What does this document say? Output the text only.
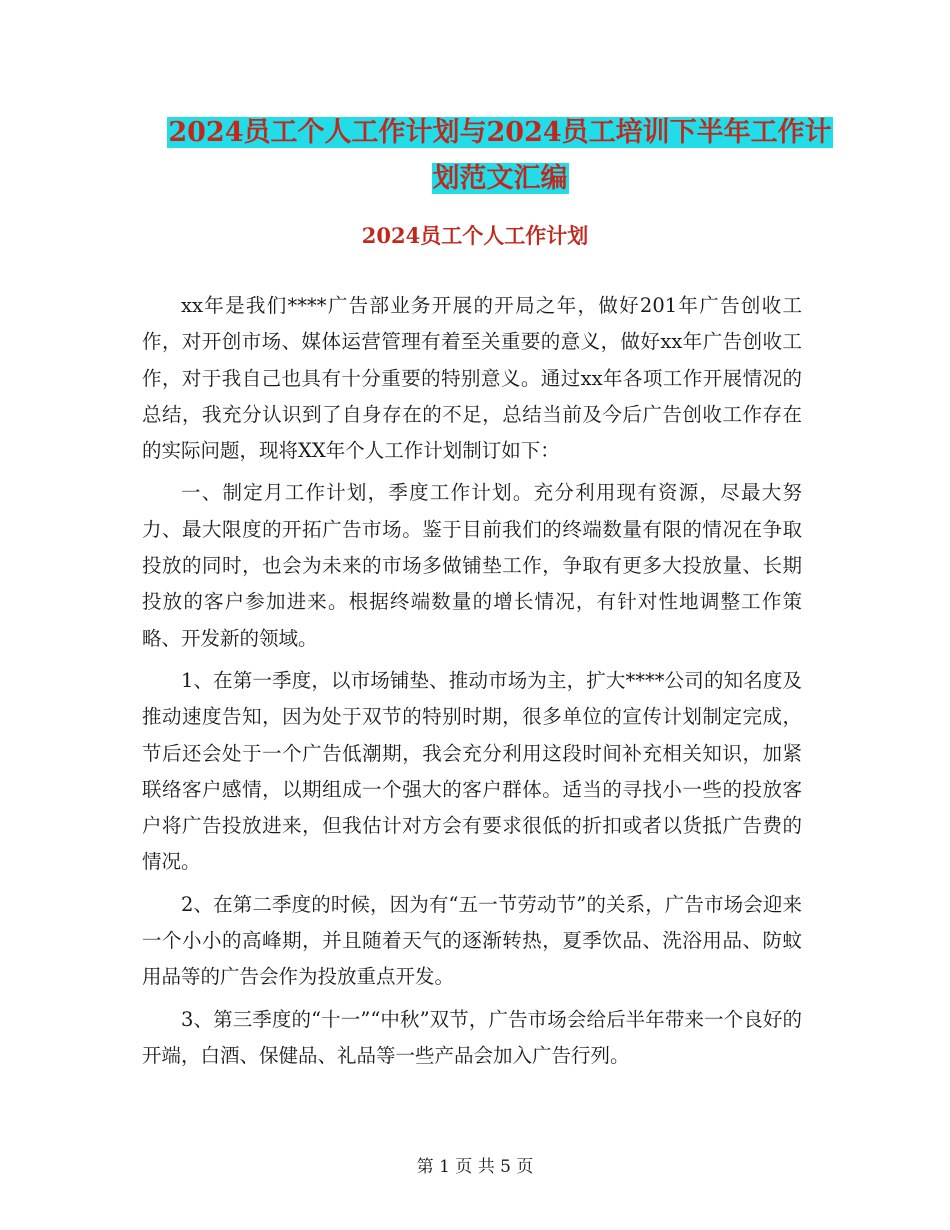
2024员工个人工作计划与2024员工培训下半年工作计
划范文汇编
2024员工个人工作计划

xx年是我们****广告部业务开展的开局之年，做好201年广告创收工作，对开创市场、媒体运营管理有着至关重要的意义，做好xx年广告创收工作，对于我自己也具有十分重要的特别意义。通过xx年各项工作开展情况的总结，我充分认识到了自身存在的不足，总结当前及今后广告创收工作存在的实际问题，现将XX年个人工作计划制订如下：

一、制定月工作计划，季度工作计划。充分利用现有资源，尽最大努力、最大限度的开拓广告市场。鉴于目前我们的终端数量有限的情况在争取投放的同时，也会为未来的市场多做铺垫工作，争取有更多大投放量、长期投放的客户参加进来。根据终端数量的增长情况，有针对性地调整工作策略、开发新的领域。

1、在第一季度，以市场铺垫、推动市场为主，扩大****公司的知名度及推动速度告知，因为处于双节的特别时期，很多单位的宣传计划制定完成，节后还会处于一个广告低潮期，我会充分利用这段时间补充相关知识，加紧联络客户感情，以期组成一个强大的客户群体。适当的寻找小一些的投放客户将广告投放进来，但我估计对方会有要求很低的折扣或者以货抵广告费的情况。

2、在第二季度的时候，因为有“五一节劳动节”的关系，广告市场会迎来一个小小的高峰期，并且随着天气的逐渐转热，夏季饮品、洗浴用品、防蚊用品等的广告会作为投放重点开发。

3、第三季度的“十一”“中秋”双节，广告市场会给后半年带来一个良好的开端，白酒、保健品、礼品等一些产品会加入广告行列。

第 1 页 共 5 页
